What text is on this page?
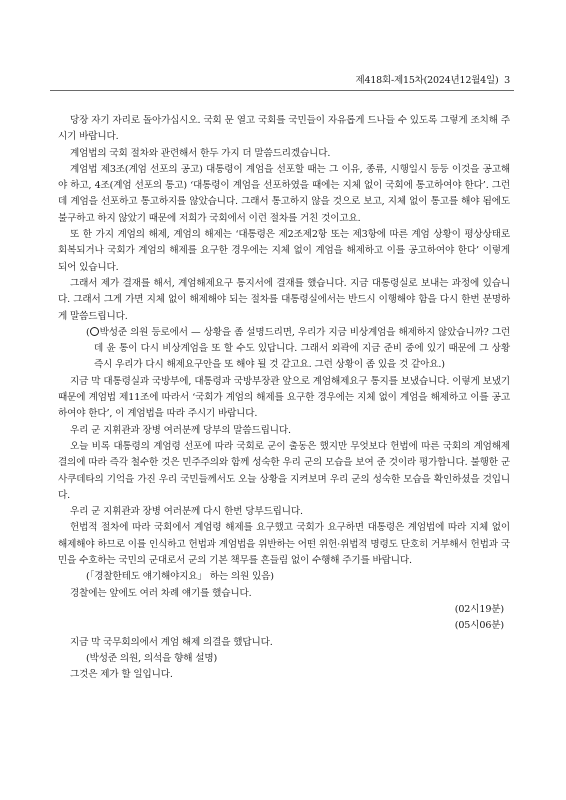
제418회-제15차(2024년12월4일) 3

당장 자기 자리로 돌아가십시오. 국회 문 열고 국회를 국민들이 자유롭게 드나들 수 있도록 그렇게 조치해 주시기 바랍니다.

계엄법의 국회 절차와 관련해서 한두 가지 더 말씀드리겠습니다.

계엄법 제3조(계엄 선포의 공고) 대통령이 계엄을 선포할 때는 그 이유, 종류, 시행일시 등등 이것을 공고해야 하고, 4조(계엄 선포의 통고) ‘대통령이 계엄을 선포하였을 때에는 지체 없이 국회에 통고하여야 한다’. 그런데 계엄을 선포하고 통고하지를 않았습니다. 그래서 통고하지 않을 것으로 보고, 지체 없이 통고를 해야 됨에도 불구하고 하지 않았기 때문에 저희가 국회에서 이런 절차를 거친 것이고요.

또 한 가지 계엄의 해제, 계엄의 해제는 ‘대통령은 제2조제2항 또는 제3항에 따른 계엄 상황이 평상상태로 회복되거나 국회가 계엄의 해제를 요구한 경우에는 지체 없이 계엄을 해제하고 이를 공고하여야 한다’ 이렇게 되어 있습니다.

그래서 제가 결재를 해서, 계엄해제요구 통지서에 결재를 했습니다. 지금 대통령실로 보내는 과정에 있습니다. 그래서 그게 가면 지체 없이 해제해야 되는 절차를 대통령실에서는 반드시 이행해야 함을 다시 한번 분명하게 말씀드립니다.

( 박성준 의원 등로에서 — 상황을 좀 설명드리면, 우리가 지금 비상계엄을 해제하지 않았습니까? 그런데 윤 통이 다시 비상계엄을 또 할 수도 있답니다. 그래서 외곽에 지금 준비 중에 있기 때문에 그 상황 즉시 우리가 다시 해제요구안을 또 해야 될 것 같고요. 그런 상황이 좀 있을 것 같아요.)

지금 막 대통령실과 국방부에, 대통령과 국방부장관 앞으로 계엄해제요구 통지를 보냈습니다. 이렇게 보냈기 때문에 계엄법 제11조에 따라서 ‘국회가 계엄의 해제를 요구한 경우에는 지체 없이 계엄을 해제하고 이를 공고하여야 한다’, 이 계엄법을 따라 주시기 바랍니다.

우리 군 지휘관과 장병 여러분께 당부의 말씀드립니다.

오늘 비록 대통령의 계엄령 선포에 따라 국회로 군이 출동은 했지만 무엇보다 헌법에 따른 국회의 계엄해제 결의에 따라 즉각 철수한 것은 민주주의와 함께 성숙한 우리 군의 모습을 보여 준 것이라 평가합니다. 불행한 군사쿠데타의 기억을 가진 우리 국민들께서도 오늘 상황을 지켜보며 우리 군의 성숙한 모습을 확인하셨을 것입니다.

우리 군 지휘관과 장병 여러분께 다시 한번 당부드립니다.

헌법적 절차에 따라 국회에서 계엄령 해제를 요구했고 국회가 요구하면 대통령은 계엄법에 따라 지체 없이 해제해야 하므로 이를 인식하고 헌법과 계엄법을 위반하는 어떤 위헌·위법적 명령도 단호히 거부해서 헌법과 국민을 수호하는 국민의 군대로서 군의 기본 책무를 흔들림 없이 수행해 주기를 바랍니다.

(「경찰한테도 얘기해야지요」 하는 의원 있음)

경찰에는 앞에도 여러 차례 얘기를 했습니다.

(02시19분)

(05시06분)

지금 막 국무회의에서 계엄 해제 의결을 했답니다.

(박성준 의원, 의석을 향해 설명)

그것은 제가 할 일입니다.
